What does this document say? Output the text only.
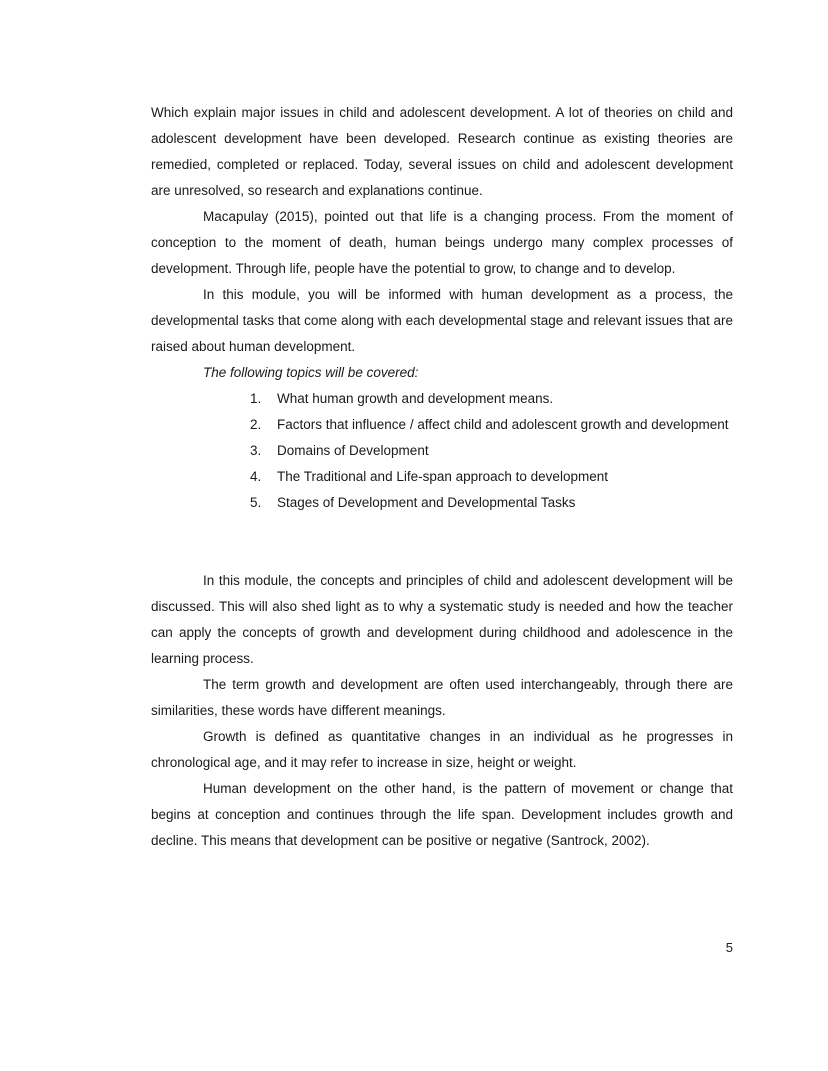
Which explain major issues in child and adolescent development. A lot of theories on child and adolescent development have been developed. Research continue as existing theories are remedied, completed or replaced. Today, several issues on child and adolescent development are unresolved, so research and explanations continue.

Macapulay (2015), pointed out that life is a changing process. From the moment of conception to the moment of death, human beings undergo many complex processes of development. Through life, people have the potential to grow, to change and to develop.

In this module, you will be informed with human development as a process, the developmental tasks that come along with each developmental stage and relevant issues that are raised about human development.

The following topics will be covered:

What human growth and development means.
Factors that influence / affect child and adolescent growth and development
Domains of Development
The Traditional and Life-span approach to development
Stages of Development and Developmental Tasks

In this module, the concepts and principles of child and adolescent development will be discussed. This will also shed light as to why a systematic study is needed and how the teacher can apply the concepts of growth and development during childhood and adolescence in the learning process.

The term growth and development are often used interchangeably, through there are similarities, these words have different meanings.

Growth is defined as quantitative changes in an individual as he progresses in chronological age, and it may refer to increase in size, height or weight.

Human development on the other hand, is the pattern of movement or change that begins at conception and continues through the life span. Development includes growth and decline. This means that development can be positive or negative (Santrock, 2002).

5
